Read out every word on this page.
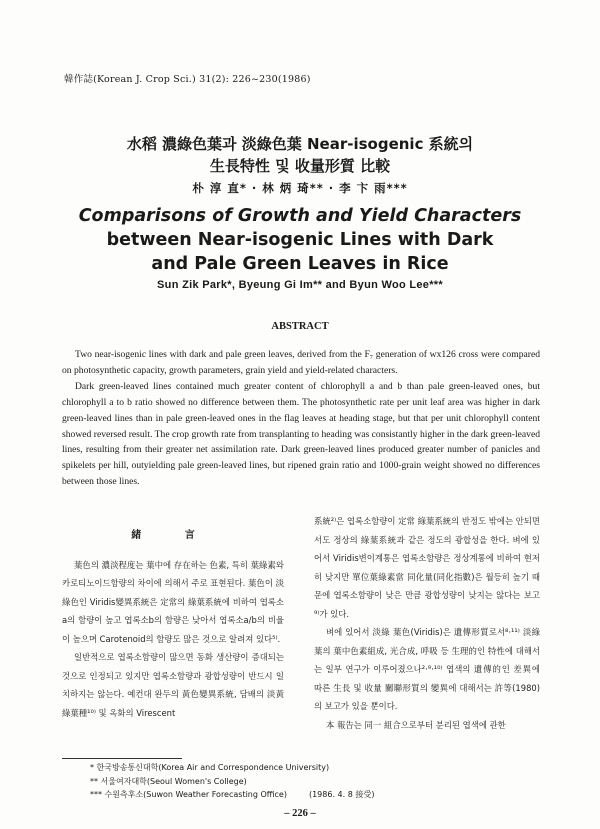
韓作誌(Korean J. Crop Sci.) 31(2): 226~230(1986)
水稻 濃綠色葉과 淡綠色葉 Near-isogenic 系統의
生長特性 및 收量形質 比較
朴 淳 直* · 林 炳 琦** · 李 卞 雨***
Comparisons of Growth and Yield Characters
between Near-isogenic Lines with Dark
and Pale Green Leaves in Rice
Sun Zik Park*, Byeung Gi Im** and Byun Woo Lee***
ABSTRACT

Two near-isogenic lines with dark and pale green leaves, derived from the F₇ generation of wx126 cross were compared on photosynthetic capacity, growth parameters, grain yield and yield-related characters.

Dark green-leaved lines contained much greater content of chlorophyll a and b than pale green-leaved ones, but chlorophyll a to b ratio showed no difference between them. The photosynthetic rate per unit leaf area was higher in dark green-leaved lines than in pale green-leaved ones in the flag leaves at heading stage, but that per unit chlorophyll content showed reversed result. The crop growth rate from transplanting to heading was consistantly higher in the dark green-leaved lines, resulting from their greater net assimilation rate. Dark green-leaved lines produced greater number of panicles and spikelets per hill, outyielding pale green-leaved lines, but ripened grain ratio and 1000-grain weight showed no differences between those lines.

緒 言

葉色의 濃淡程度는 葉中에 存在하는 色素, 특히 葉綠素와 카로티노이드함량의 차이에 의해서 주로 표현된다. 葉色이 淡綠色인 Viridis變異系統은 定常의 綠葉系統에 비하여 엽록소a의 함량이 높고 엽록소b의 함량은 낮아서 엽록소a/b의 비율이 높으며 Carotenoid의 함량도 많은 것으로 알려져 있다⁵⁾.

일반적으로 엽록소함량이 많으면 동화 생산량이 증대되는 것으로 인정되고 있지만 엽록소함량과 광합성량이 반드시 일치하지는 않는다. 예컨대 완두의 黃色變異系統, 담배의 淡黃綠葉種¹⁰⁾ 및 옥화의 Virescent

系統²⁾은 엽록소함량이 定常 綠葉系統의 반정도 밖에는 안되면서도 정상의 綠葉系統과 같은 정도의 광합성을 한다. 벼에 있어서 Viridis변이계통은 엽록소함량은 정상계통에 비하여 현저히 낮지만 單位葉綠素當 同化量(同化指數)은 월등히 높기 때문에 엽록소함량이 낮은 만큼 광합성량이 낮지는 않다는 보고⁹⁾가 있다.

벼에 있어서 淡綠 葉色(Viridis)은 遺傳形質로서⁸·¹¹⁾ 淡綠葉의 葉中色素組成, 光合成, 呼吸 등 生理的인 特性에 대해서는 일부 연구가 이루어졌으나²·⁹·¹⁰⁾ 엽색의 遺傳的인 差異에 따른 生長 및 收量 關聯形質의 變異에 대해서는 許等(1980)의 보고가 있을 뿐이다.

本 報告는 同一 組合으로부터 분리된 엽색에 관한

* 한국방송통신대학(Korea Air and Correspondence University)
** 서울여자대학(Seoul Women's College)
*** 수원측후소(Suwon Weather Forecasting Office)	(1986. 4. 8 接受)
– 226 –
